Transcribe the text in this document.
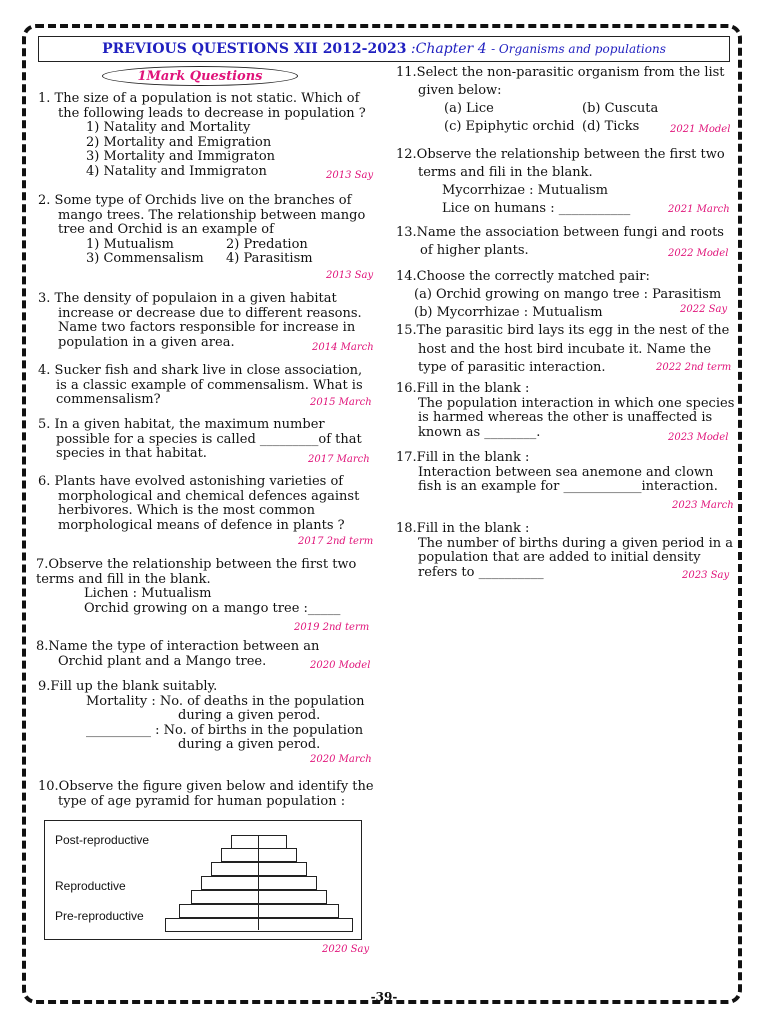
PREVIOUS QUESTIONS XII 2012-2023 :Chapter 4 - Organisms and populations
1Mark Questions

1. The size of a population is not static. Which of

the following leads to decrease in population ?

1) Natality and Mortality

2) Mortality and Emigration

3) Mortality and Immigraton

4) Natality and Immigraton	2013 Say

2. Some type of Orchids live on the branches of

mango trees. The relationship between mango

tree and Orchid is an example of

1) Mutualism	2) Predation
3) Commensalism	4) Parasitism
2013 Say

3. The density of populaion in a given habitat

increase or decrease due to different reasons.

Name two factors responsible for increase in

population in a given area.	2014 March

4. Sucker fish and shark live in close association,

is a classic example of commensalism. What is

commensalism?	2015 March

5. In a given habitat, the maximum number

possible for a species is called _________of that

species in that habitat.	2017 March

6. Plants have evolved astonishing varieties of

morphological and chemical defences against

herbivores. Which is the most common

morphological means of defence in plants ?

2017 2nd term

7.Observe the relationship between the first two

terms and fill in the blank.

Lichen : Mutualism

Orchid growing on a mango tree :_____

2019 2nd term

8.Name the type of interaction between an

Orchid plant and a Mango tree.	2020 Model

9.Fill up the blank suitably.

Mortality : No. of deaths in the population

during a given perod.

__________ : No. of births in the population

during a given perod.

2020 March

10.Observe the figure given below and identify the

type of age pyramid for human population :

Post-reproductive
Reproductive
Pre-reproductive
2020 Say

11.Select the non-parasitic organism from the list

given below:

(a) Lice	(b) Cuscuta
(c) Epiphytic orchid (d) Ticks	2021 Model

12.Observe the relationship between the first two

terms and fili in the blank.

Mycorrhizae : Mutualism

Lice on humans : ___________	2021 March

13.Name the association between fungi and roots

of higher plants.	2022 Model

14.Choose the correctly matched pair:

(a) Orchid growing on mango tree : Parasitism

(b) Mycorrhizae : Mutualism	2022 Say

15.The parasitic bird lays its egg in the nest of the

host and the host bird incubate it. Name the

type of parasitic interaction.	2022 2nd term

16.Fill in the blank :

The population interaction in which one species

is harmed whereas the other is unaffected is

known as ________.	2023 Model

17.Fill in the blank :

Interaction between sea anemone and clown

fish is an example for ____________interaction.

2023 March

18.Fill in the blank :

The number of births during a given period in a

population that are added to initial density

refers to __________	2023 Say
-39-
